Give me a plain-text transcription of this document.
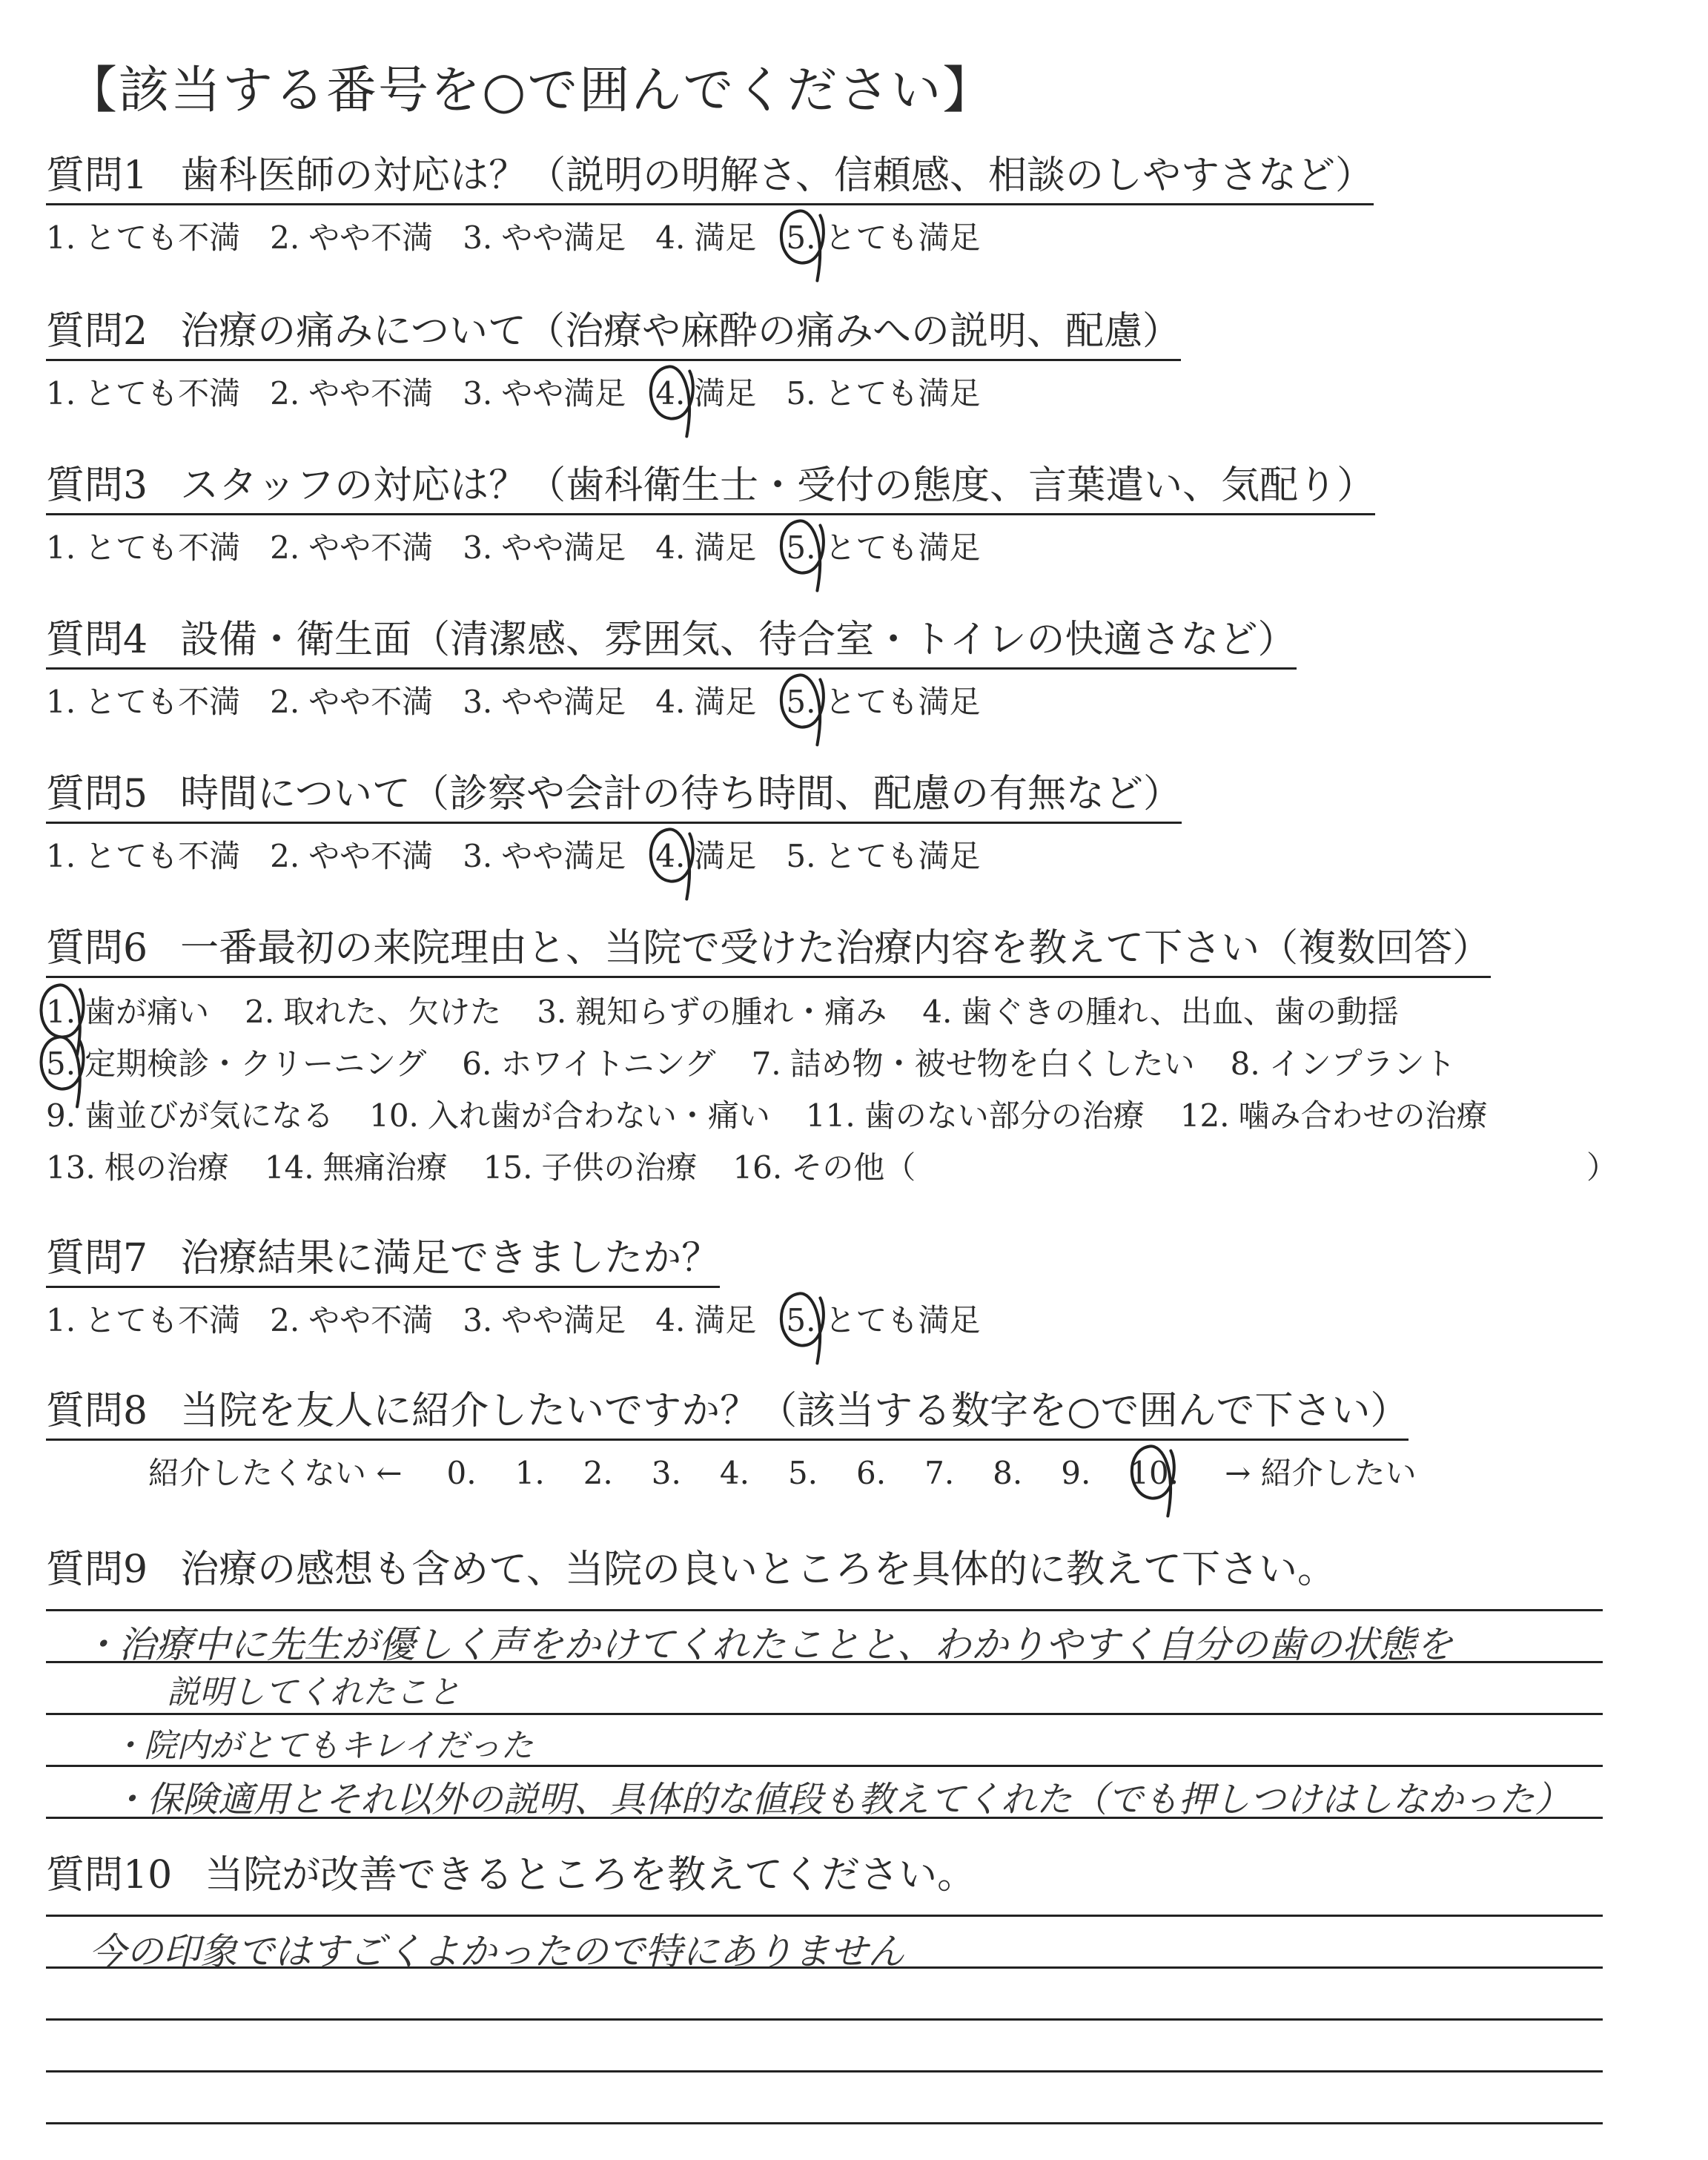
【該当する番号を○で囲んでください】
質問1 歯科医師の対応は？（説明の明解さ、信頼感、相談のしやすさなど）
1. とても不満 2. やや不満 3. やや満足 4. 満足 5. とても満足
質問2 治療の痛みについて（治療や麻酔の痛みへの説明、配慮）
1. とても不満 2. やや不満 3. やや満足 4. 満足 5. とても満足
質問3 スタッフの対応は？（歯科衛生士・受付の態度、言葉遣い、気配り）
1. とても不満 2. やや不満 3. やや満足 4. 満足 5. とても満足
質問4 設備・衛生面（清潔感、雰囲気、待合室・トイレの快適さなど）
1. とても不満 2. やや不満 3. やや満足 4. 満足 5. とても満足
質問5 時間について（診察や会計の待ち時間、配慮の有無など）
1. とても不満 2. やや不満 3. やや満足 4. 満足 5. とても満足
質問6 一番最初の来院理由と、当院で受けた治療内容を教えて下さい（複数回答）
1. 歯が痛い 2. 取れた、欠けた 3. 親知らずの腫れ・痛み 4. 歯ぐきの腫れ、出血、歯の動揺
5. 定期検診・クリーニング 6. ホワイトニング 7. 詰め物・被せ物を白くしたい 8. インプラント
9. 歯並びが気になる 10. 入れ歯が合わない・痛い 11. 歯のない部分の治療 12. 噛み合わせの治療
13. 根の治療 14. 無痛治療 15. 子供の治療 16. その他（	）
質問7 治療結果に満足できましたか？
1. とても不満 2. やや不満 3. やや満足 4. 満足 5. とても満足
質問8 当院を友人に紹介したいですか？（該当する数字を○で囲んで下さい）
紹介したくない ← 0. 1. 2. 3. 4. 5. 6. 7. 8. 9. 10. → 紹介したい
質問9 治療の感想も含めて、当院の良いところを具体的に教えて下さい。
・治療中に先生が優しく声をかけてくれたことと、わかりやすく自分の歯の状態を
説明してくれたこと
・院内がとてもキレイだった
・保険適用とそれ以外の説明、具体的な値段も教えてくれた（でも押しつけはしなかった）
質問10 当院が改善できるところを教えてください。
今の印象ではすごくよかったので特にありません
